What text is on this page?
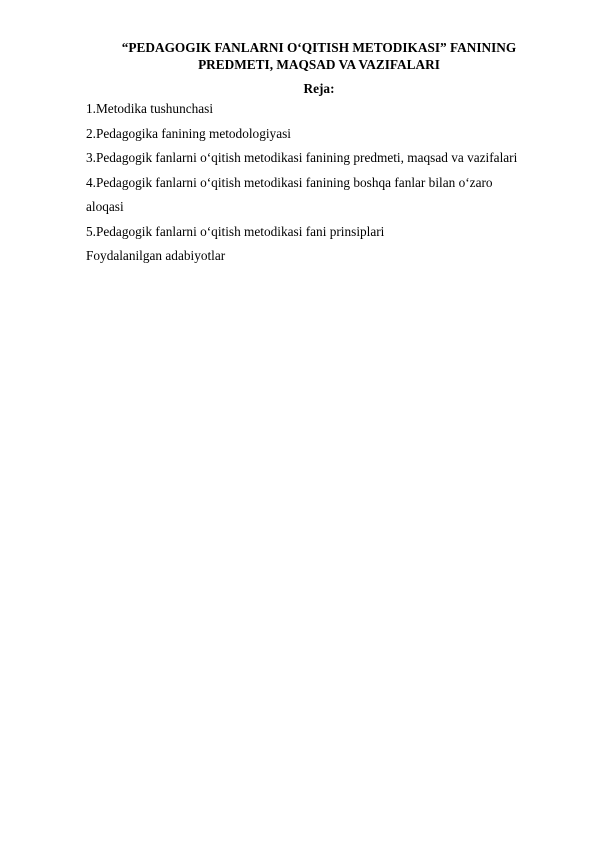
“PEDAGOGIK FANLARNI O‘QITISH METODIKASI” FANINING
PREDMETI, MAQSAD VA VAZIFALARI
Reja:
1.Metodika tushunchasi
2.Pedagogika fanining metodologiyasi
3.Pedagogik fanlarni o‘qitish metodikasi fanining predmeti, maqsad va vazifalari
4.Pedagogik fanlarni o‘qitish metodikasi fanining boshqa fanlar bilan o‘zaro
aloqasi
5.Pedagogik fanlarni o‘qitish metodikasi fani prinsiplari
Foydalanilgan adabiyotlar
